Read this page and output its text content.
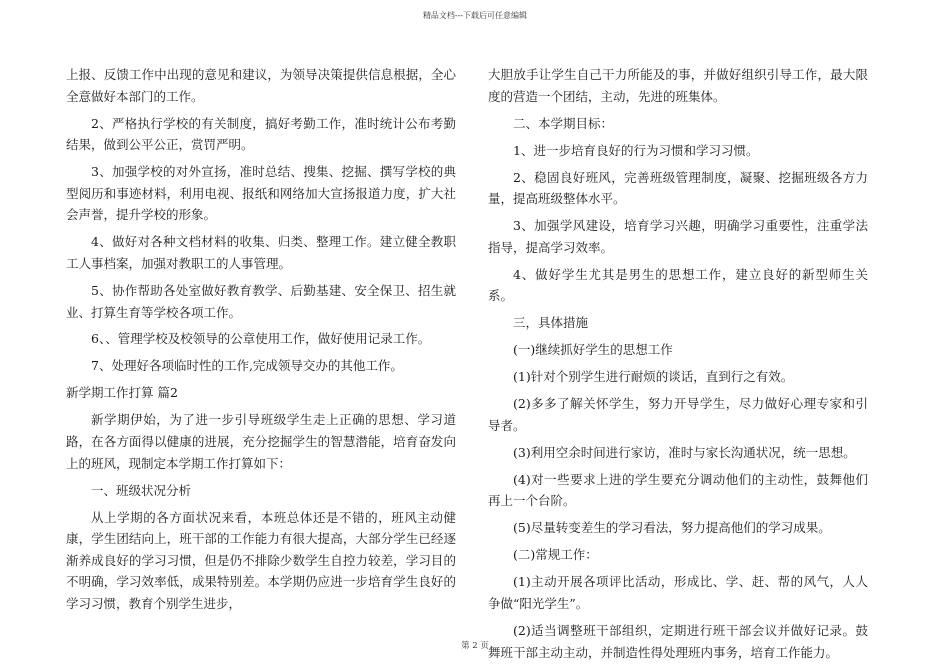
精品文档---下载后可任意编辑

上报、反馈工作中出现的意见和建议，为领导决策提供信息根据，全心全意做好本部门的工作。

2、严格执行学校的有关制度，搞好考勤工作，准时统计公布考勤结果，做到公平公正，赏罚严明。

3、加强学校的对外宣扬，准时总结、搜集、挖掘、撰写学校的典型阅历和事迹材料，利用电视、报纸和网络加大宣扬报道力度，扩大社会声誉，提升学校的形象。

4、做好对各种文档材料的收集、归类、整理工作。建立健全教职工人事档案，加强对教职工的人事管理。

5、协作帮助各处室做好教育教学、后勤基建、安全保卫、招生就业、打算生育等学校各项工作。

6、、管理学校及校领导的公章使用工作，做好使用记录工作。

7、处理好各项临时性的工作,完成领导交办的其他工作。

新学期工作打算 篇2

新学期伊始，为了进一步引导班级学生走上正确的思想、学习道路，在各方面得以健康的进展，充分挖掘学生的智慧潜能，培育奋发向上的班风，现制定本学期工作打算如下：

一、班级状况分析

从上学期的各方面状况来看，本班总体还是不错的，班风主动健康，学生团结向上，班干部的工作能力有很大提高，大部分学生已经逐渐养成良好的学习习惯，但是仍不排除少数学生自控力较差，学习目的不明确，学习效率低，成果特别差。本学期仍应进一步培育学生良好的学习习惯，教育个别学生进步，

大胆放手让学生自己干力所能及的事，并做好组织引导工作，最大限度的营造一个团结，主动，先进的班集体。

二、本学期目标：

1、进一步培育良好的行为习惯和学习习惯。

2、稳固良好班风，完善班级管理制度，凝聚、挖掘班级各方力量，提高班级整体水平。

3、加强学风建设，培育学习兴趣，明确学习重要性，注重学法指导，提高学习效率。

4、做好学生尤其是男生的思想工作，建立良好的新型师生关系。

三，具体措施

(一)继续抓好学生的思想工作

(1)针对个别学生进行耐烦的谈话，直到行之有效。

(2)多多了解关怀学生，努力开导学生，尽力做好心理专家和引导者。

(3)利用空余时间进行家访，准时与家长沟通状况，统一思想。

(4)对一些要求上进的学生要充分调动他们的主动性，鼓舞他们再上一个台阶。

(5)尽量转变差生的学习看法，努力提高他们的学习成果。

(二)常规工作：

(1)主动开展各项评比活动，形成比、学、赶、帮的风气，人人争做“阳光学生”。

(2)适当调整班干部组织，定期进行班干部会议并做好记录。鼓舞班干部主动主动，并制造性得处理班内事务，培育工作能力。

第 2 页
